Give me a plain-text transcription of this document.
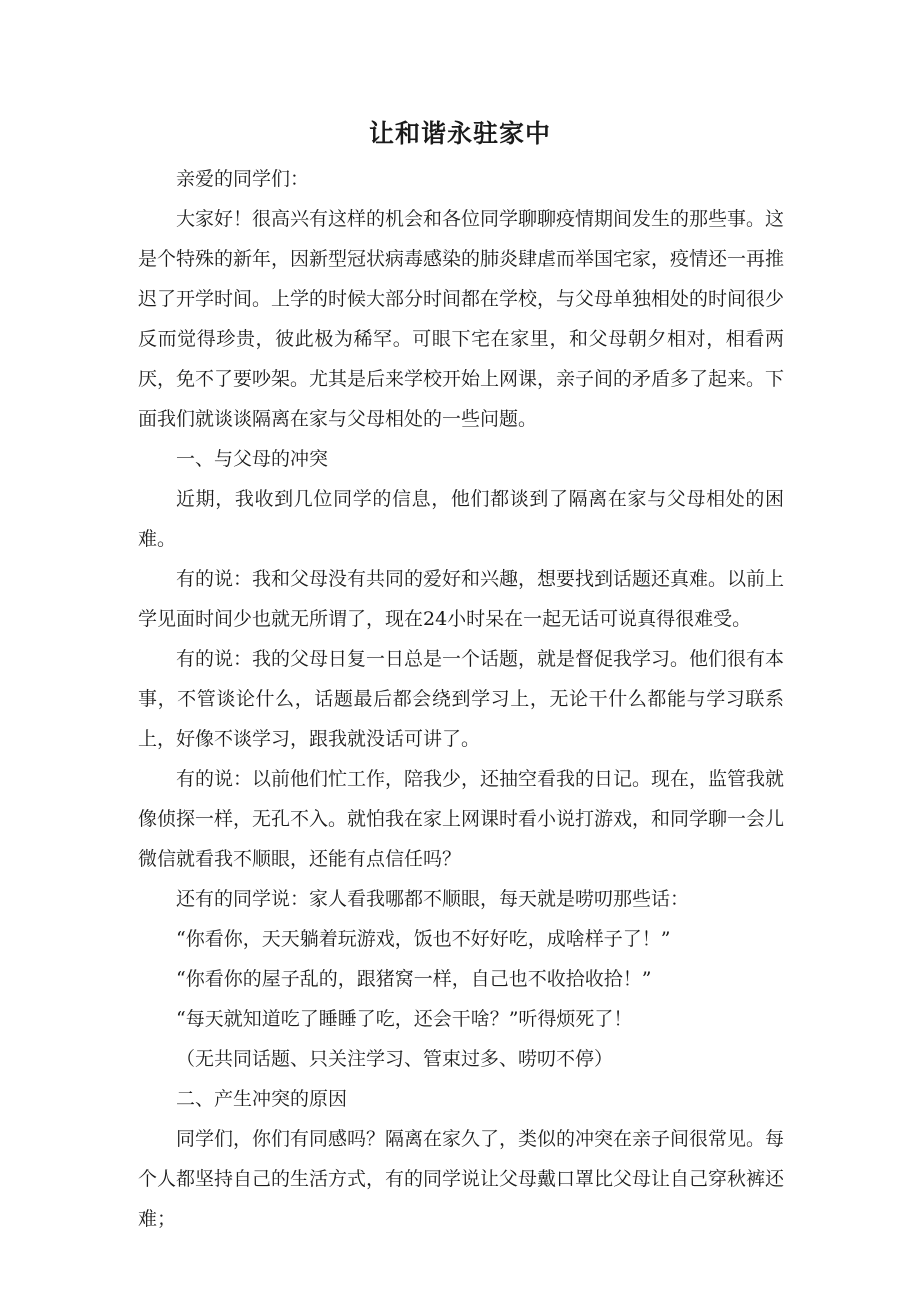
让和谐永驻家中

亲爱的同学们：

大家好！很高兴有这样的机会和各位同学聊聊疫情期间发生的那些事。这是个特殊的新年，因新型冠状病毒感染的肺炎肆虐而举国宅家，疫情还一再推迟了开学时间。上学的时候大部分时间都在学校，与父母单独相处的时间很少反而觉得珍贵，彼此极为稀罕。可眼下宅在家里，和父母朝夕相对，相看两厌，免不了要吵架。尤其是后来学校开始上网课，亲子间的矛盾多了起来。下面我们就谈谈隔离在家与父母相处的一些问题。

一、与父母的冲突

近期，我收到几位同学的信息，他们都谈到了隔离在家与父母相处的困难。

有的说：我和父母没有共同的爱好和兴趣，想要找到话题还真难。以前上学见面时间少也就无所谓了，现在24小时呆在一起无话可说真得很难受。

有的说：我的父母日复一日总是一个话题，就是督促我学习。他们很有本事，不管谈论什么，话题最后都会绕到学习上，无论干什么都能与学习联系上，好像不谈学习，跟我就没话可讲了。

有的说：以前他们忙工作，陪我少，还抽空看我的日记。现在，监管我就像侦探一样，无孔不入。就怕我在家上网课时看小说打游戏，和同学聊一会儿微信就看我不顺眼，还能有点信任吗？

还有的同学说：家人看我哪都不顺眼，每天就是唠叨那些话：

“你看你，天天躺着玩游戏，饭也不好好吃，成啥样子了！”

“你看你的屋子乱的，跟猪窝一样，自己也不收拾收拾！”

“每天就知道吃了睡睡了吃，还会干啥？”听得烦死了！

（无共同话题、只关注学习、管束过多、唠叨不停）

二、产生冲突的原因

同学们，你们有同感吗？隔离在家久了，类似的冲突在亲子间很常见。每个人都坚持自己的生活方式，有的同学说让父母戴口罩比父母让自己穿秋裤还难；
